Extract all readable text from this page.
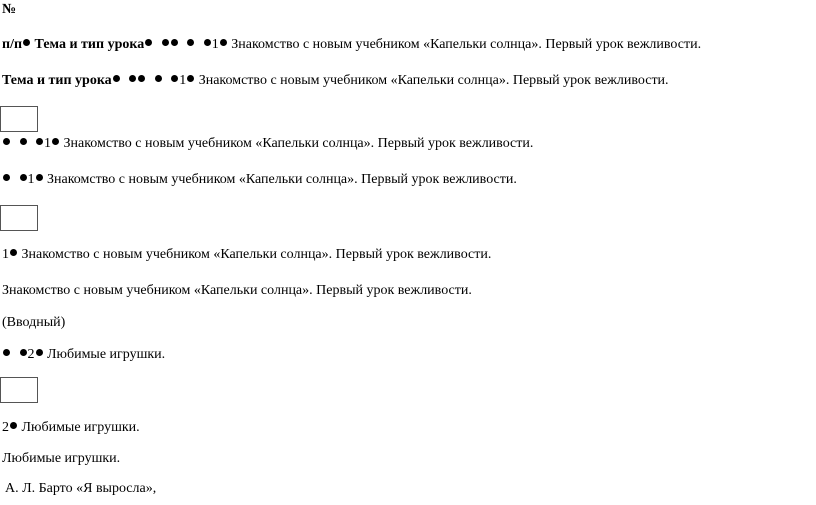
№
п/п Тема и тип урока	1 Знакомство с новым учебником «Капельки солнца». Первый урок вежливости.
Тема и тип урока	1 Знакомство с новым учебником «Капельки солнца». Первый урок вежливости.
1 Знакомство с новым учебником «Капельки солнца». Первый урок вежливости.
1 Знакомство с новым учебником «Капельки солнца». Первый урок вежливости.
1 Знакомство с новым учебником «Капельки солнца». Первый урок вежливости.
Знакомство с новым учебником «Капельки солнца». Первый урок вежливости.
(Вводный)
2 Любимые игрушки.
2 Любимые игрушки.
Любимые игрушки.
А. Л. Барто «Я выросла»,
